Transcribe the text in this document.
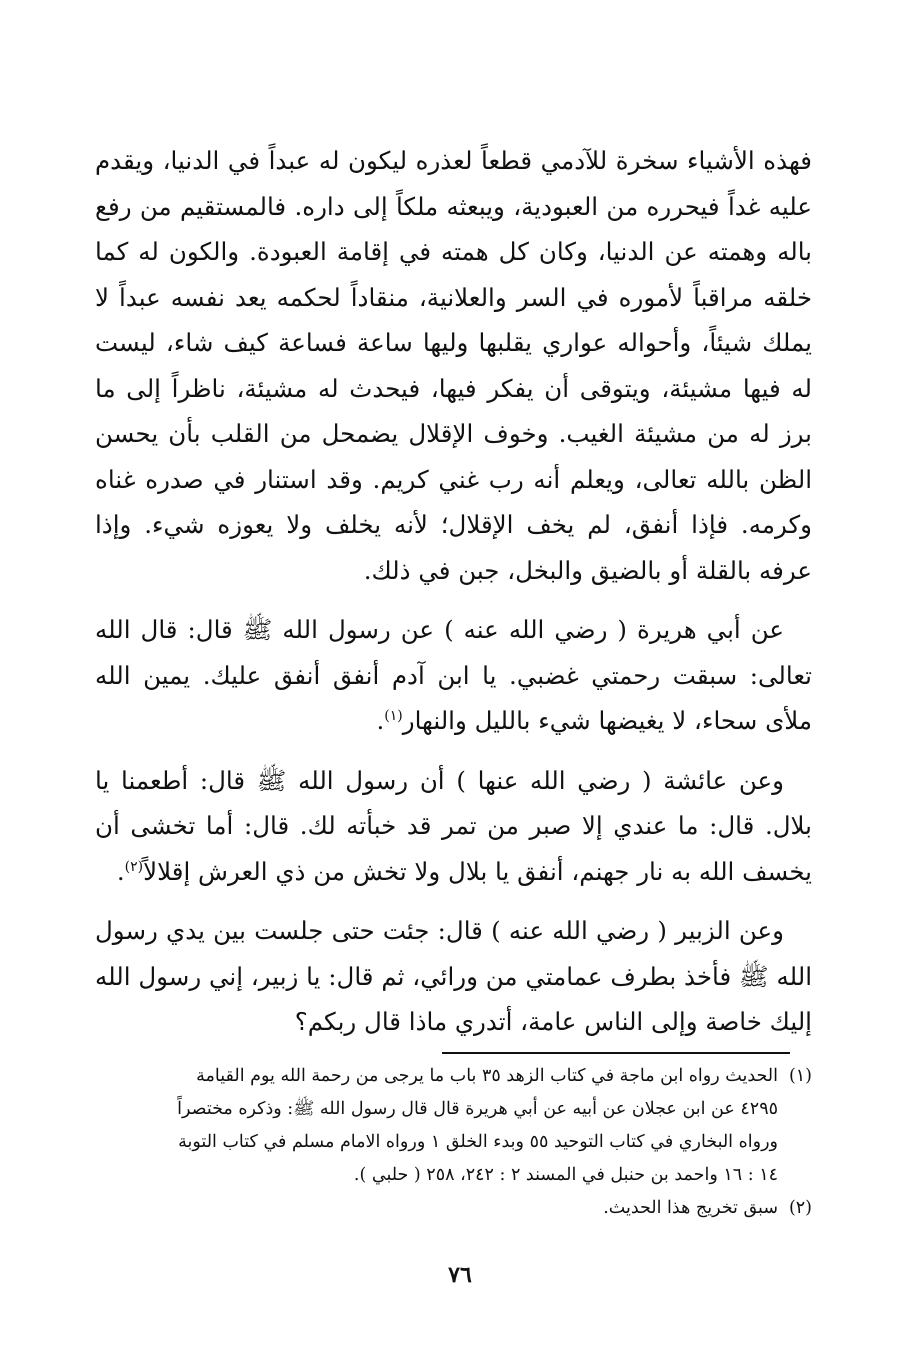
فهذه الأشياء سخرة للآدمي قطعاً لعذره ليكون له عبداً في الدنيا، ويقدم عليه غداً فيحرره من العبودية، ويبعثه ملكاً إلى داره. فالمستقيم من رفع باله وهمته عن الدنيا، وكان كل همته في إقامة العبودة. والكون له كما خلقه مراقباً لأموره في السر والعلانية، منقاداً لحكمه يعد نفسه عبداً لا يملك شيئاً، وأحواله عواري يقلبها وليها ساعة فساعة كيف شاء، ليست له فيها مشيئة، ويتوقى أن يفكر فيها، فيحدث له مشيئة، ناظراً إلى ما برز له من مشيئة الغيب. وخوف الإقلال يضمحل من القلب بأن يحسن الظن بالله تعالى، ويعلم أنه رب غني كريم. وقد استنار في صدره غناه وكرمه. فإذا أنفق، لم يخف الإقلال؛ لأنه يخلف ولا يعوزه شيء. وإذا عرفه بالقلة أو بالضيق والبخل، جبن في ذلك.

عن أبي هريرة ( رضي الله عنه ) عن رسول الله ﷺ قال: قال الله تعالى: سبقت رحمتي غضبي. يا ابن آدم أنفق أنفق عليك. يمين الله ملأى سحاء، لا يغيضها شيء بالليل والنهار$^{(١)}$.

وعن عائشة ( رضي الله عنها ) أن رسول الله ﷺ قال: أطعمنا يا بلال. قال: ما عندي إلا صبر من تمر قد خبأته لك. قال: أما تخشى أن يخسف الله به نار جهنم، أنفق يا بلال ولا تخش من ذي العرش إقلالاً$^{(٢)}$.

وعن الزبير ( رضي الله عنه ) قال: جئت حتى جلست بين يدي رسول الله ﷺ فأخذ بطرف عمامتي من ورائي، ثم قال: يا زبير، إني رسول الله إليك خاصة وإلى الناس عامة، أتدري ماذا قال ربكم؟

(١)الحديث رواه ابن ماجة في كتاب الزهد ٣٥ باب ما يرجى من رحمة الله يوم القيامة

٤٢٩٥ عن ابن عجلان عن أبيه عن أبي هريرة قال قال رسول الله ﷺ: وذكره مختصراً

ورواه البخاري في كتاب التوحيد ٥٥ وبدء الخلق ١ ورواه الامام مسلم في كتاب التوبة

١٤ : ١٦ واحمد بن حنبل في المسند ٢ : ٢٤٢، ٢٥٨ ( حلبي ).

(٢)سبق تخريج هذا الحديث.

٧٦
